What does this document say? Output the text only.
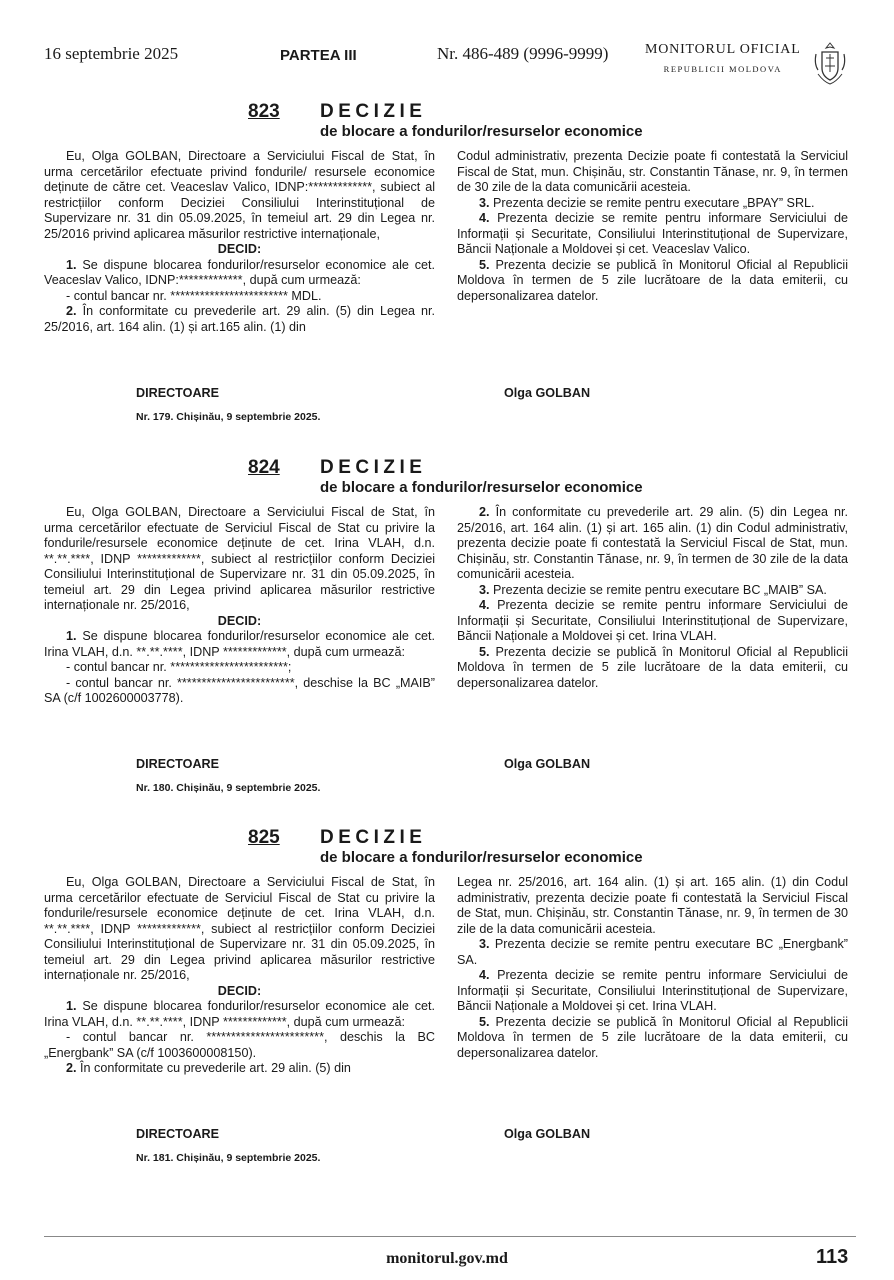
16 septembrie 2025	PARTEA III	Nr. 486-489 (9996-9999)	MONITORUL OFICIAL
REPUBLICII MOLDOVA
823 DECIZIE
de blocare a fondurilor/resurselor economice

Eu, Olga GOLBAN, Directoare a Serviciului Fiscal de Stat, în urma cercetărilor efectuate privind fondurile/ resursele economice deținute de către cet. Veaceslav Valico, IDNP:*************, subiect al restricțiilor conform Deciziei Consiliului Interinstituțional de Supervizare nr. 31 din 05.09.2025, în temeiul art. 29 din Legea nr. 25/2016 privind aplicarea măsurilor restrictive internaționale,

DECID:

1. Se dispune blocarea fondurilor/resurselor economice ale cet. Veaceslav Valico, IDNP:*************, după cum urmează:

- contul bancar nr. ************************ MDL.

2. În conformitate cu prevederile art. 29 alin. (5) din Legea nr. 25/2016, art. 164 alin. (1) și art.165 alin. (1) din

Codul administrativ, prezenta Decizie poate fi contestată la Serviciul Fiscal de Stat, mun. Chișinău, str. Constantin Tănase, nr. 9, în termen de 30 zile de la data comunicării acesteia.

3. Prezenta decizie se remite pentru executare „BPAY” SRL.

4. Prezenta decizie se remite pentru informare Serviciului de Informații și Securitate, Consiliului Interinstituțional de Supervizare, Băncii Naționale a Moldovei și cet. Veaceslav Valico.

5. Prezenta decizie se publică în Monitorul Oficial al Republicii Moldova în termen de 5 zile lucrătoare de la data emiterii, cu depersonalizarea datelor.

DIRECTOARE	Olga GOLBAN
Nr. 179. Chișinău, 9 septembrie 2025.
824 DECIZIE
de blocare a fondurilor/resurselor economice

Eu, Olga GOLBAN, Directoare a Serviciului Fiscal de Stat, în urma cercetărilor efectuate de Serviciul Fiscal de Stat cu privire la fondurile/resursele economice deținute de cet. Irina VLAH, d.n. **.**.****, IDNP *************, subiect al restricțiilor conform Deciziei Consiliului Interinstituțional de Supervizare nr. 31 din 05.09.2025, în temeiul art. 29 din Legea privind aplicarea măsurilor restrictive internaționale nr. 25/2016,

DECID:

1. Se dispune blocarea fondurilor/resurselor economice ale cet. Irina VLAH, d.n. **.**.****, IDNP *************, după cum urmează:

- contul bancar nr. ************************;

- contul bancar nr. ************************, deschise la BC „MAIB” SA (c/f 1002600003778).

2. În conformitate cu prevederile art. 29 alin. (5) din Legea nr. 25/2016, art. 164 alin. (1) și art. 165 alin. (1) din Codul administrativ, prezenta decizie poate fi contestată la Serviciul Fiscal de Stat, mun. Chișinău, str. Constantin Tănase, nr. 9, în termen de 30 zile de la data comunicării acesteia.

3. Prezenta decizie se remite pentru executare BC „MAIB” SA.

4. Prezenta decizie se remite pentru informare Serviciului de Informații și Securitate, Consiliului Interinstituțional de Supervizare, Băncii Naționale a Moldovei și cet. Irina VLAH.

5. Prezenta decizie se publică în Monitorul Oficial al Republicii Moldova în termen de 5 zile lucrătoare de la data emiterii, cu depersonalizarea datelor.

DIRECTOARE	Olga GOLBAN
Nr. 180. Chișinău, 9 septembrie 2025.
825 DECIZIE
de blocare a fondurilor/resurselor economice

Eu, Olga GOLBAN, Directoare a Serviciului Fiscal de Stat, în urma cercetărilor efectuate de Serviciul Fiscal de Stat cu privire la fondurile/resursele economice deținute de cet. Irina VLAH, d.n. **.**.****, IDNP *************, subiect al restricțiilor conform Deciziei Consiliului Interinstituțional de Supervizare nr. 31 din 05.09.2025, în temeiul art. 29 din Legea privind aplicarea măsurilor restrictive internaționale nr. 25/2016,

DECID:

1. Se dispune blocarea fondurilor/resurselor economice ale cet. Irina VLAH, d.n. **.**.****, IDNP *************, după cum urmează:

- contul bancar nr. ************************, deschis la BC „Energbank” SA (c/f 1003600008150).

2. În conformitate cu prevederile art. 29 alin. (5) din

Legea nr. 25/2016, art. 164 alin. (1) și art. 165 alin. (1) din Codul administrativ, prezenta decizie poate fi contestată la Serviciul Fiscal de Stat, mun. Chișinău, str. Constantin Tănase, nr. 9, în termen de 30 zile de la data comunicării acesteia.

3. Prezenta decizie se remite pentru executare BC „Energbank” SA.

4. Prezenta decizie se remite pentru informare Serviciului de Informații și Securitate, Consiliului Interinstituțional de Supervizare, Băncii Naționale a Moldovei și cet. Irina VLAH.

5. Prezenta decizie se publică în Monitorul Oficial al Republicii Moldova în termen de 5 zile lucrătoare de la data emiterii, cu depersonalizarea datelor.

DIRECTOARE	Olga GOLBAN
Nr. 181. Chișinău, 9 septembrie 2025.
monitorul.gov.md	113
